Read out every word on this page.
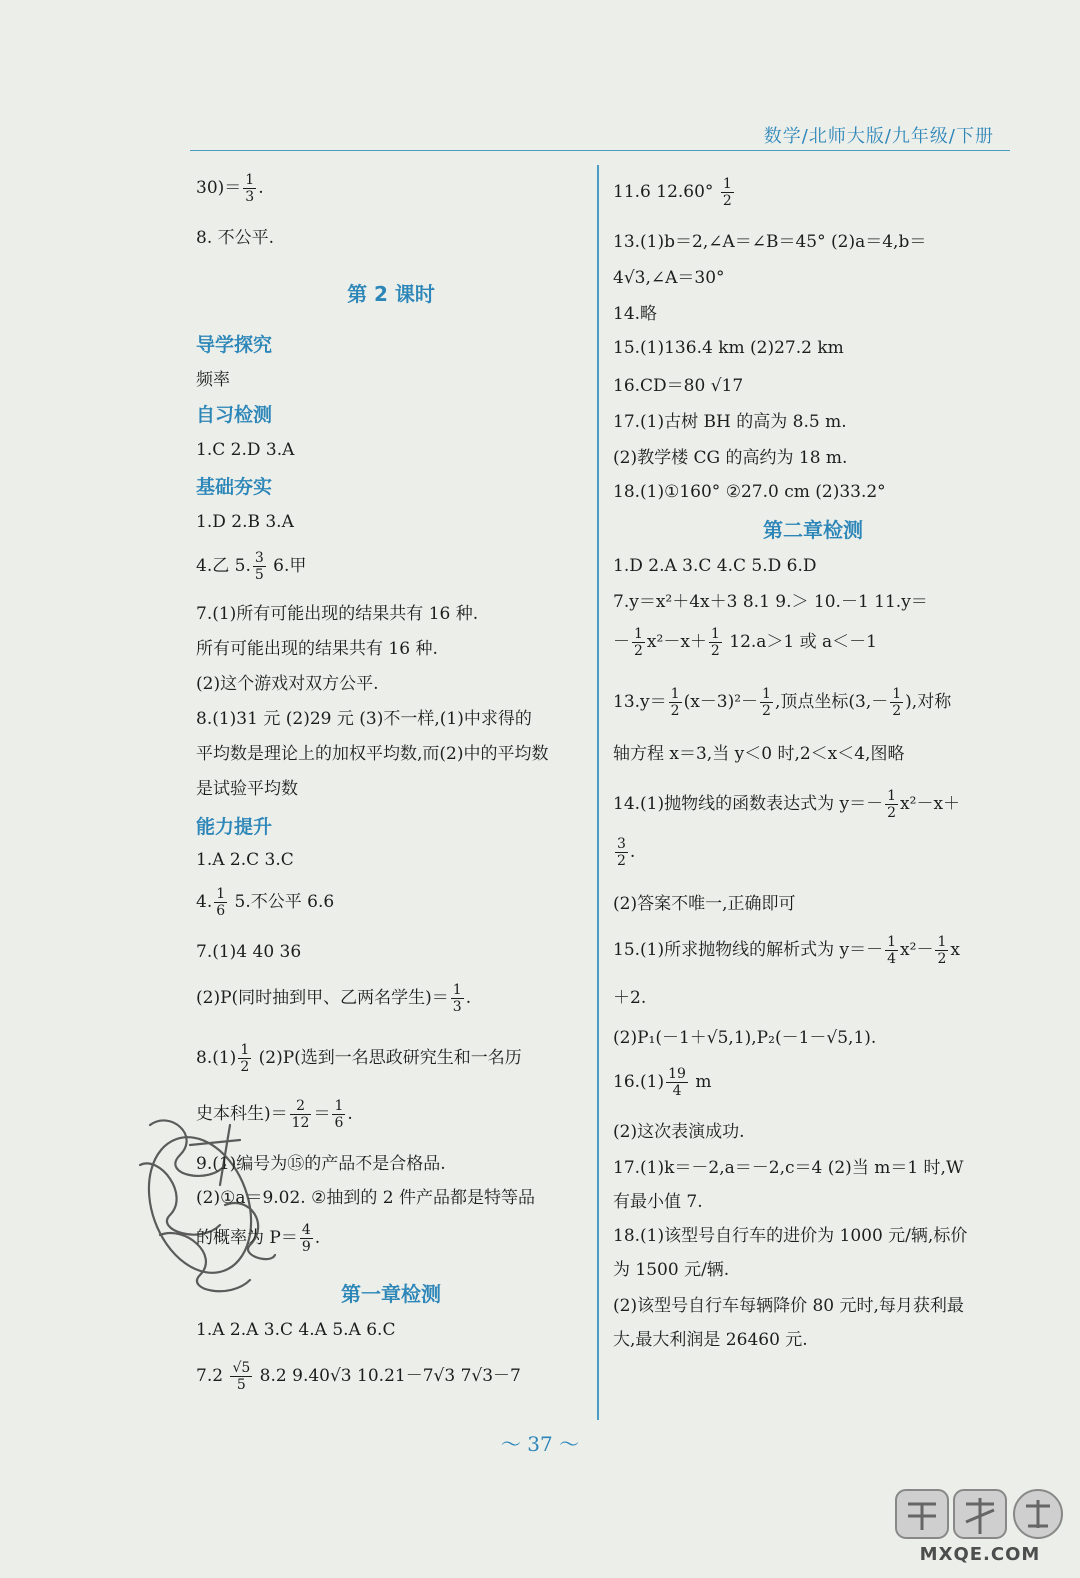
数学/北师大版/九年级/下册
$30)= \frac{1}{3}$ .
8. 不公平.
第 2 课时
导学探究
频率
自习检测
1.C 2.D 3.A
基础夯实
1.D 2.B 3.A
4.乙 5. $\frac{3}{5} 6$.甲
7.(1)所有可能出现的结果共有 16 种.
所有可能出现的结果共有 16 种.
(2)这个游戏对双方公平.
8.(1)31 元 (2)29 元 (3)不一样,(1)中求得的
平均数是理论上的加权平均数,而(2)中的平均数
是试验平均数
能力提升
1.A 2.C 3.C
4. $\frac{1}{6} 5$.不公平 6.6
7.(1)4 40 36
(2)P(同时抽到甲、乙两名学生)＝ $\frac{1}{3}$ .
$8.(1) \frac{1}{2} (2)P$(选到一名思政研究生和一名历
史本科生)＝ $\frac{2}{12} = \frac{1}{6}$ .
9.(1)编号为⑮的产品不是合格品.
(2)①a＝9.02. ②抽到的 2 件产品都是特等品
的概率为 $P= \frac{4}{9}$ .
第一章检测
1.A 2.A 3.C 4.A 5.A 6.C
$7.2 \frac{√5}{5} 8.2$ 9.40√3 10.21－7√3 7√3－7
11.6 $12.60^\circ \frac{1}{2}$
13.(1)b＝2,∠A＝∠B＝45° (2)a＝4,b＝
4√3,∠A＝30°
14.略
15.(1)136.4 km (2)27.2 km
16.CD＝80 √17
17.(1)古树 BH 的高为 8.5 m.
(2)教学楼 CG 的高约为 18 m.
18.(1)①160° ②27.0 cm (2)33.2°
第二章检测
1.D 2.A 3.C 4.C 5.D 6.D
7.y＝x²＋4x＋3 8.1 9.＞ 10.－1 11.y＝
－ $\frac{1}{2} x^2-x+ \frac{1}{2} 12.a>1$ 或 a＜－1
$13.y= \frac{1}{2} (x-3)^2- \frac{1}{2}$ ,顶点坐标($3,- \frac{1}{2}$ ),对称
轴方程 x＝3,当 y＜0 时,2＜x＜4,图略
14.(1)抛物线的函数表达式为 $y=- \frac{1}{2} x^2-x+$
$\frac{3}{2}$ .
(2)答案不唯一,正确即可
15.(1)所求抛物线的解析式为 $y=- \frac{1}{4} x^2- \frac{1}{2}$ x
＋2.
(2)P₁(－1＋√5,1),P₂(－1－√5,1).
$16.(1) \frac{19}{4}$ m
(2)这次表演成功.
17.(1)k＝－2,a＝－2,c＝4 (2)当 m＝1 时,W
有最小值 7.
18.(1)该型号自行车的进价为 1000 元/辆,标价
为 1500 元/辆.
(2)该型号自行车每辆降价 80 元时,每月获利最
大,最大利润是 26460 元.
～ 37 ～
MXQE.COM
